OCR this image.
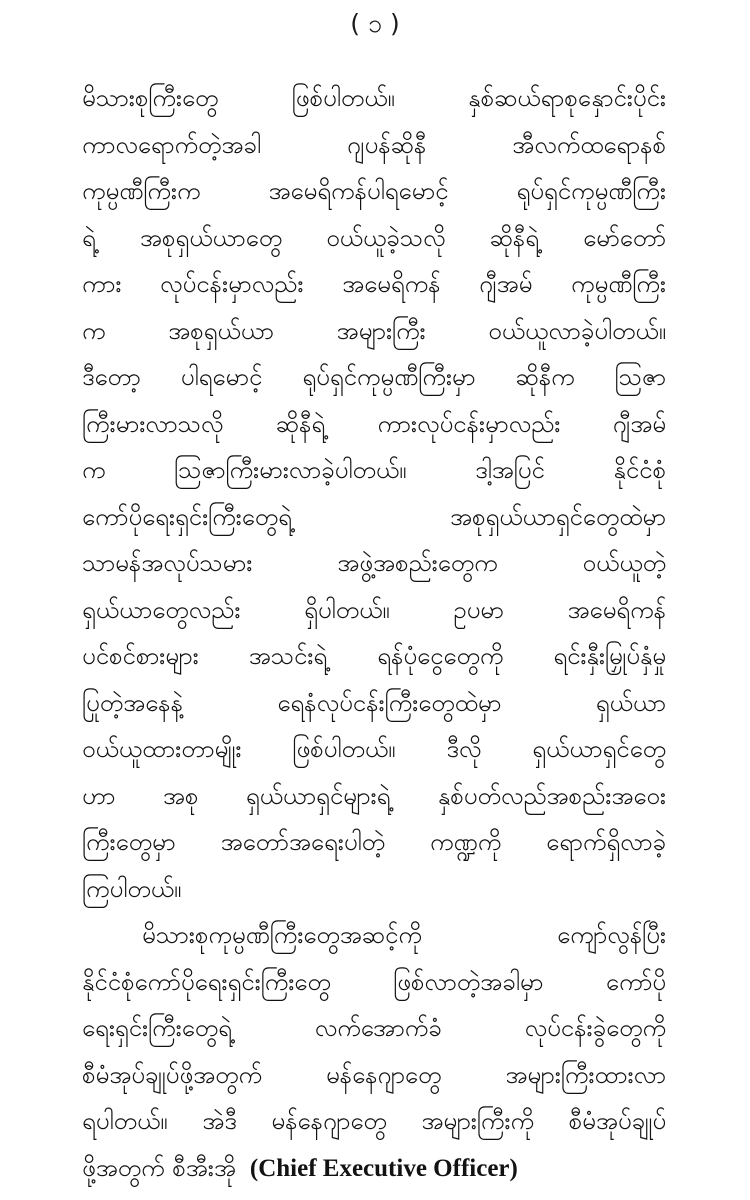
( ၁ )
မိသားစုကြီးတွေ ဖြစ်ပါတယ်။ နှစ်ဆယ်ရာစုနှောင်းပိုင်း
ကာလရောက်တဲ့အခါ ဂျပန်ဆိုနီ အီလက်ထရောနစ်
ကုမ္ပဏီကြီးက အမေရိကန်ပါရမောင့် ရုပ်ရှင်ကုမ္ပဏီကြီး
ရဲ့ အစုရှယ်ယာတွေ ဝယ်ယူခဲ့သလို ဆိုနီရဲ့ မော်တော်
ကား လုပ်ငန်းမှာလည်း အမေရိကန် ဂျီအမ် ကုမ္ပဏီကြီး
က အစုရှယ်ယာ အများကြီး ဝယ်ယူလာခဲ့ပါတယ်။
ဒီတော့ ပါရမောင့် ရုပ်ရှင်ကုမ္ပဏီကြီးမှာ ဆိုနီက သြဇာ
ကြီးမားလာသလို ဆိုနီရဲ့ ကားလုပ်ငန်းမှာလည်း ဂျီအမ်
က သြဇာကြီးမားလာခဲ့ပါတယ်။ ဒါ့အပြင် နိုင်ငံစုံ
ကော်ပိုရေးရှင်းကြီးတွေရဲ့ အစုရှယ်ယာရှင်တွေထဲမှာ
သာမန်အလုပ်သမား အဖွဲ့အစည်းတွေက ဝယ်ယူတဲ့
ရှယ်ယာတွေလည်း ရှိပါတယ်။ ဥပမာ အမေရိကန်
ပင်စင်စားများ အသင်းရဲ့ ရန်ပုံငွေတွေကို ရင်းနှီးမြှုပ်နှံမှု
ပြုတဲ့အနေနဲ့ ရေနံလုပ်ငန်းကြီးတွေထဲမှာ ရှယ်ယာ
ဝယ်ယူထားတာမျိုး ဖြစ်ပါတယ်။ ဒီလို ရှယ်ယာရှင်တွေ
ဟာ အစု ရှယ်ယာရှင်များရဲ့ နှစ်ပတ်လည်အစည်းအဝေး
ကြီးတွေမှာ အတော်အရေးပါတဲ့ ကဏ္ဍကို ရောက်ရှိလာခဲ့
ကြပါတယ်။
မိသားစုကုမ္ပဏီကြီးတွေအဆင့်ကို ကျော်လွန်ပြီး
နိုင်ငံစုံကော်ပိုရေးရှင်းကြီးတွေ ဖြစ်လာတဲ့အခါမှာ ကော်ပို
ရေးရှင်းကြီးတွေရဲ့ လက်အောက်ခံ လုပ်ငန်းခွဲတွေကို
စီမံအုပ်ချုပ်ဖို့အတွက် မန်နေဂျာတွေ အများကြီးထားလာ
ရပါတယ်။ အဲဒီ မန်နေဂျာတွေ အများကြီးကို စီမံအုပ်ချုပ်
ဖို့အတွက် စီအီးအို (Chief Executive Officer)
